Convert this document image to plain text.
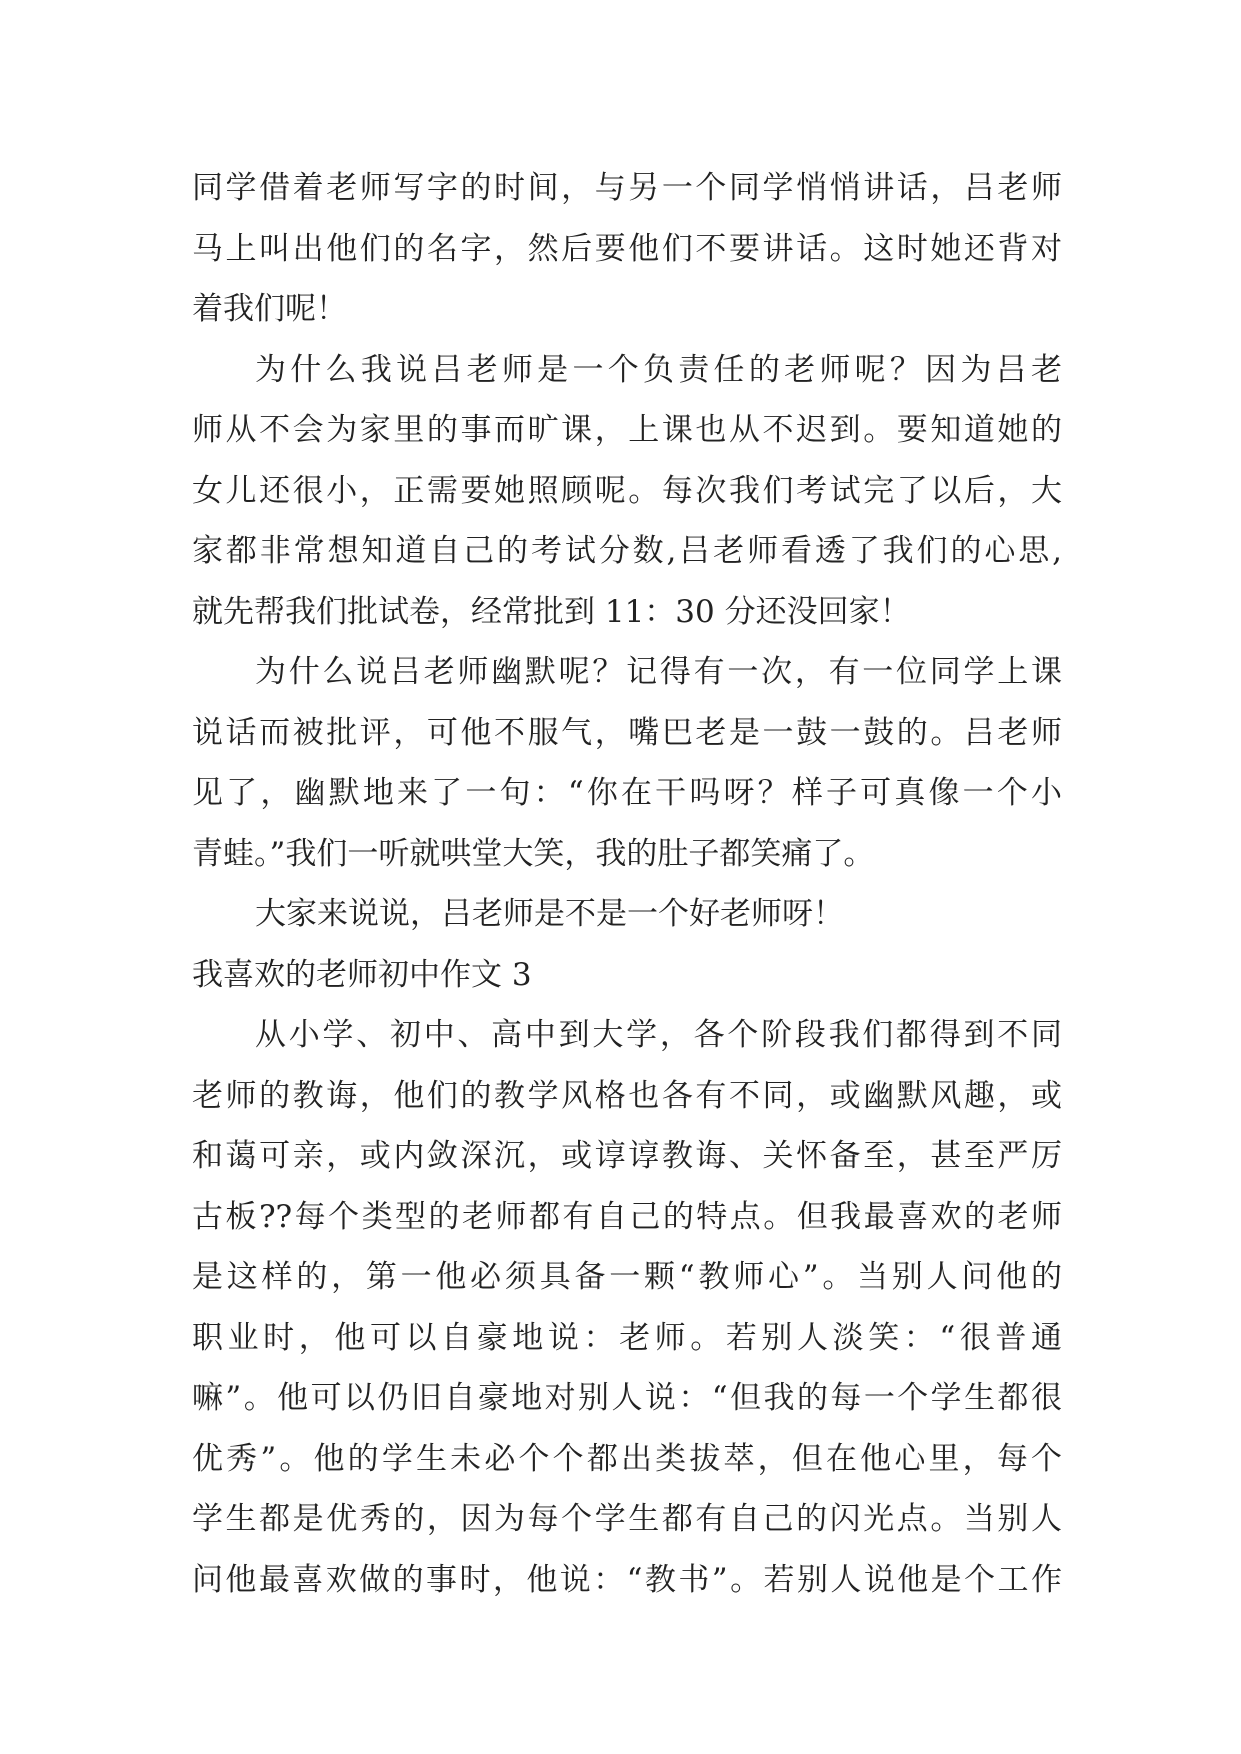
同学借着老师写字的时间，与另一个同学悄悄讲话，吕老师
马上叫出他们的名字，然后要他们不要讲话。这时她还背对
着我们呢！
为什么我说吕老师是一个负责任的老师呢？因为吕老
师从不会为家里的事而旷课，上课也从不迟到。要知道她的
女儿还很小，正需要她照顾呢。每次我们考试完了以后，大
家都非常想知道自己的考试分数,吕老师看透了我们的心思,
就先帮我们批试卷，经常批到 11：30 分还没回家！
为什么说吕老师幽默呢？记得有一次，有一位同学上课
说话而被批评，可他不服气，嘴巴老是一鼓一鼓的。吕老师
见了，幽默地来了一句：“你在干吗呀？样子可真像一个小
青蛙。”我们一听就哄堂大笑，我的肚子都笑痛了。
大家来说说，吕老师是不是一个好老师呀！
我喜欢的老师初中作文 3
从小学、初中、高中到大学，各个阶段我们都得到不同
老师的教诲，他们的教学风格也各有不同，或幽默风趣，或
和蔼可亲，或内敛深沉，或谆谆教诲、关怀备至，甚至严厉
古板??每个类型的老师都有自己的特点。但我最喜欢的老师
是这样的，第一他必须具备一颗“教师心”。当别人问他的
职业时，他可以自豪地说：老师。若别人淡笑：“很普通
嘛”。他可以仍旧自豪地对别人说：“但我的每一个学生都很
优秀”。他的学生未必个个都出类拔萃，但在他心里，每个
学生都是优秀的，因为每个学生都有自己的闪光点。当别人
问他最喜欢做的事时，他说：“教书”。若别人说他是个工作
